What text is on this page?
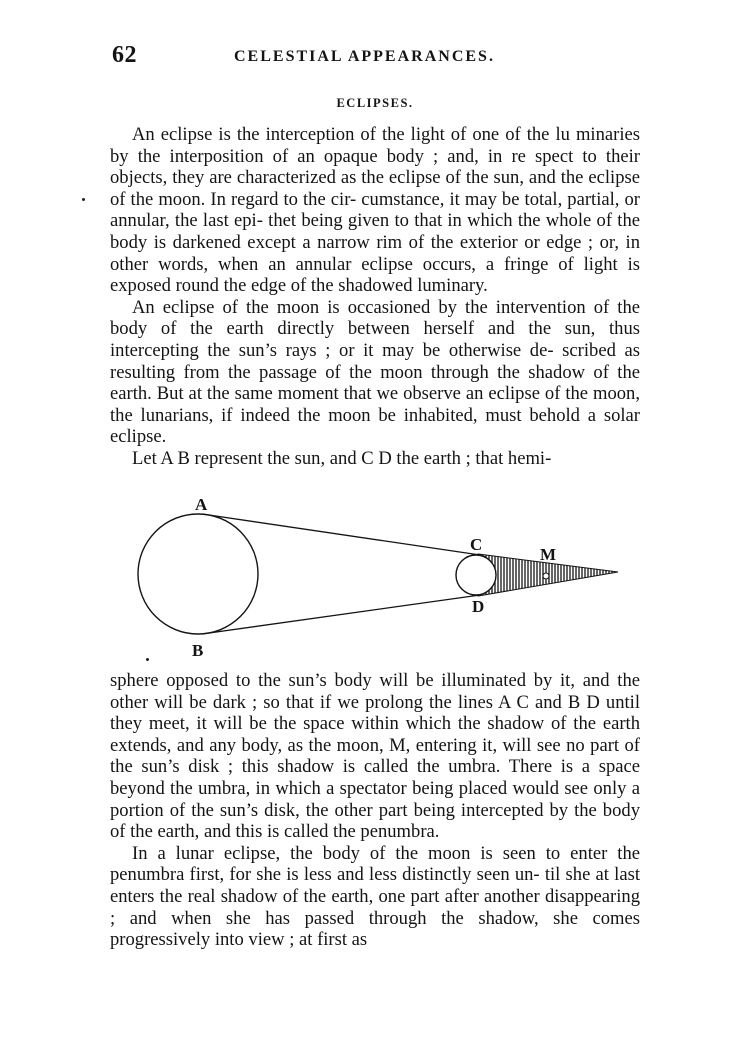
62	CELESTIAL APPEARANCES.
ECLIPSES.

An eclipse is the interception of the light of one of the lu minaries by the interposition of an opaque body ; and, in re spect to their objects, they are characterized as the eclipse of the sun, and the eclipse of the moon. In regard to the cir- cumstance, it may be total, partial, or annular, the last epi- thet being given to that in which the whole of the body is darkened except a narrow rim of the exterior or edge ; or, in other words, when an annular eclipse occurs, a fringe of light is exposed round the edge of the shadowed luminary.

An eclipse of the moon is occasioned by the intervention of the body of the earth directly between herself and the sun, thus intercepting the sun’s rays ; or it may be otherwise de- scribed as resulting from the passage of the moon through the shadow of the earth. But at the same moment that we observe an eclipse of the moon, the lunarians, if indeed the moon be inhabited, must behold a solar eclipse.

Let A B represent the sun, and C D the earth ; that hemi-

A
B
C
D
M

sphere opposed to the sun’s body will be illuminated by it, and the other will be dark ; so that if we prolong the lines A C and B D until they meet, it will be the space within which the shadow of the earth extends, and any body, as the moon, M, entering it, will see no part of the sun’s disk ; this shadow is called the umbra. There is a space beyond the umbra, in which a spectator being placed would see only a portion of the sun’s disk, the other part being intercepted by the body of the earth, and this is called the penumbra.

In a lunar eclipse, the body of the moon is seen to enter the penumbra first, for she is less and less distinctly seen un- til she at last enters the real shadow of the earth, one part after another disappearing ; and when she has passed through the shadow, she comes progressively into view ; at first as
